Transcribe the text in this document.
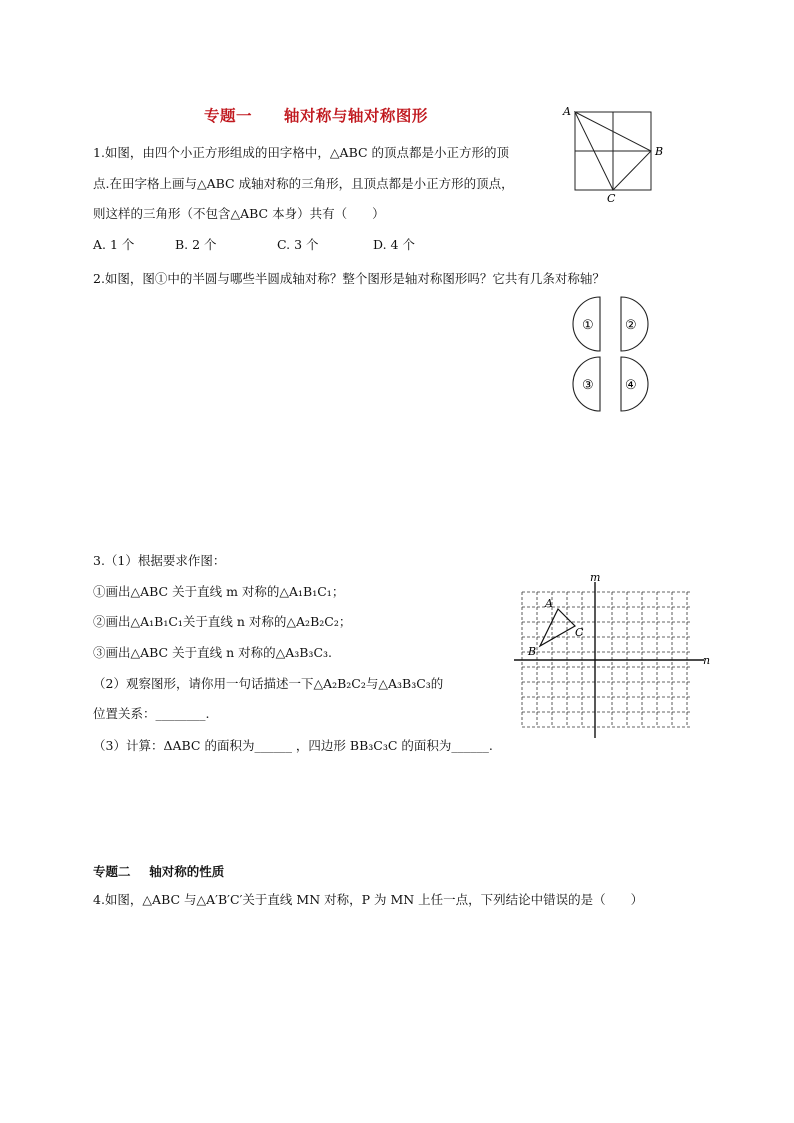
专题一 轴对称与轴对称图形
1.如图，由四个小正方形组成的田字格中，△ABC 的顶点都是小正方形的顶
点.在田字格上画与△ABC 成轴对称的三角形，且顶点都是小正方形的顶点，
则这样的三角形（不包含△ABC 本身）共有（　　）
A. 1 个	B. 2 个	C. 3 个	D. 4 个
A
B
C
2.如图，图①中的半圆与哪些半圆成轴对称？整个图形是轴对称图形吗？它共有几条对称轴？
① ②
③ ④
3.（1）根据要求作图：
①画出△ABC 关于直线 m 对称的△A₁B₁C₁；
②画出△A₁B₁C₁关于直线 n 对称的△A₂B₂C₂；
③画出△ABC 关于直线 n 对称的△A₃B₃C₃.
（2）观察图形，请你用一句话描述一下△A₂B₂C₂与△A₃B₃C₃的
位置关系：________.
（3）计算：ΔABC 的面积为______ ，四边形 BB₃C₃C 的面积为______.
m
n
A
C
B
专题二 轴对称的性质
4.如图，△ABC 与△A′B′C′关于直线 MN 对称，P 为 MN 上任一点，下列结论中错误的是（　　）
